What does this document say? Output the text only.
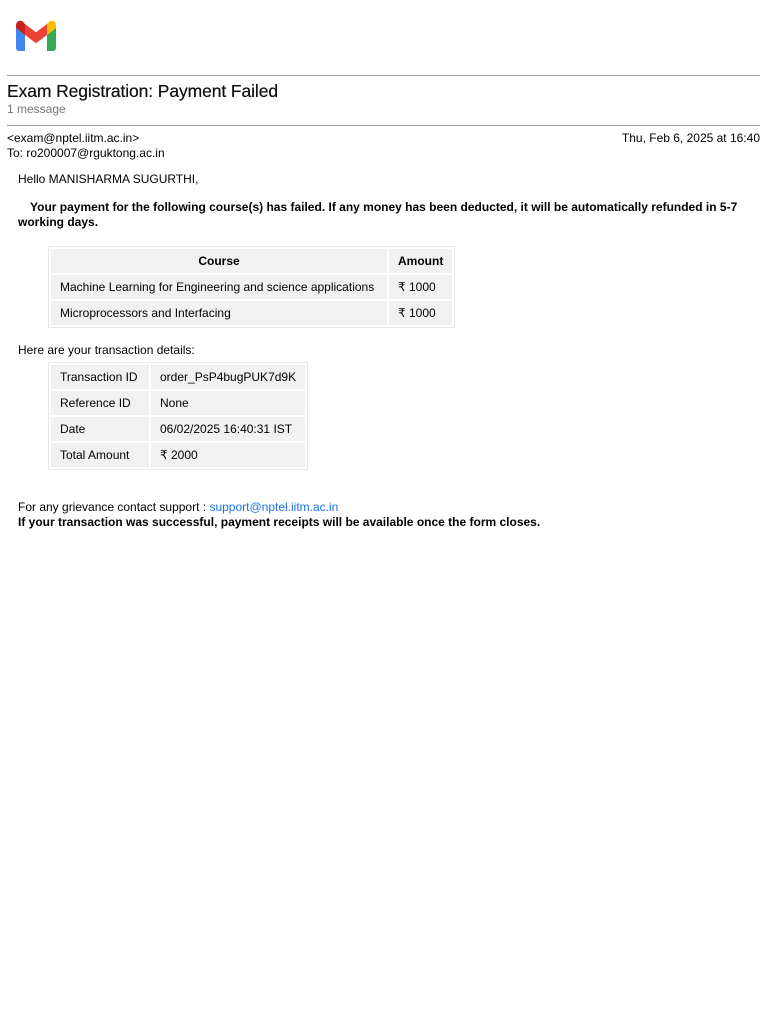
Exam Registration: Payment Failed
1 message
<exam@nptel.iitm.ac.in>
To: ro200007@rguktong.ac.in
Thu, Feb 6, 2025 at 16:40

Hello MANISHARMA SUGURTHI,

Your payment for the following course(s) has failed. If any money has been deducted, it will be automatically refunded in 5-7 working days.

Course	Amount
Machine Learning for Engineering and science applications	₹ 1000
Microprocessors and Interfacing	₹ 1000

Here are your transaction details:

Transaction ID	order_PsP4bugPUK7d9K
Reference ID	None
Date	06/02/2025 16:40:31 IST
Total Amount	₹ 2000

For any grievance contact support : support@nptel.iitm.ac.in
If your transaction was successful, payment receipts will be available once the form closes.
